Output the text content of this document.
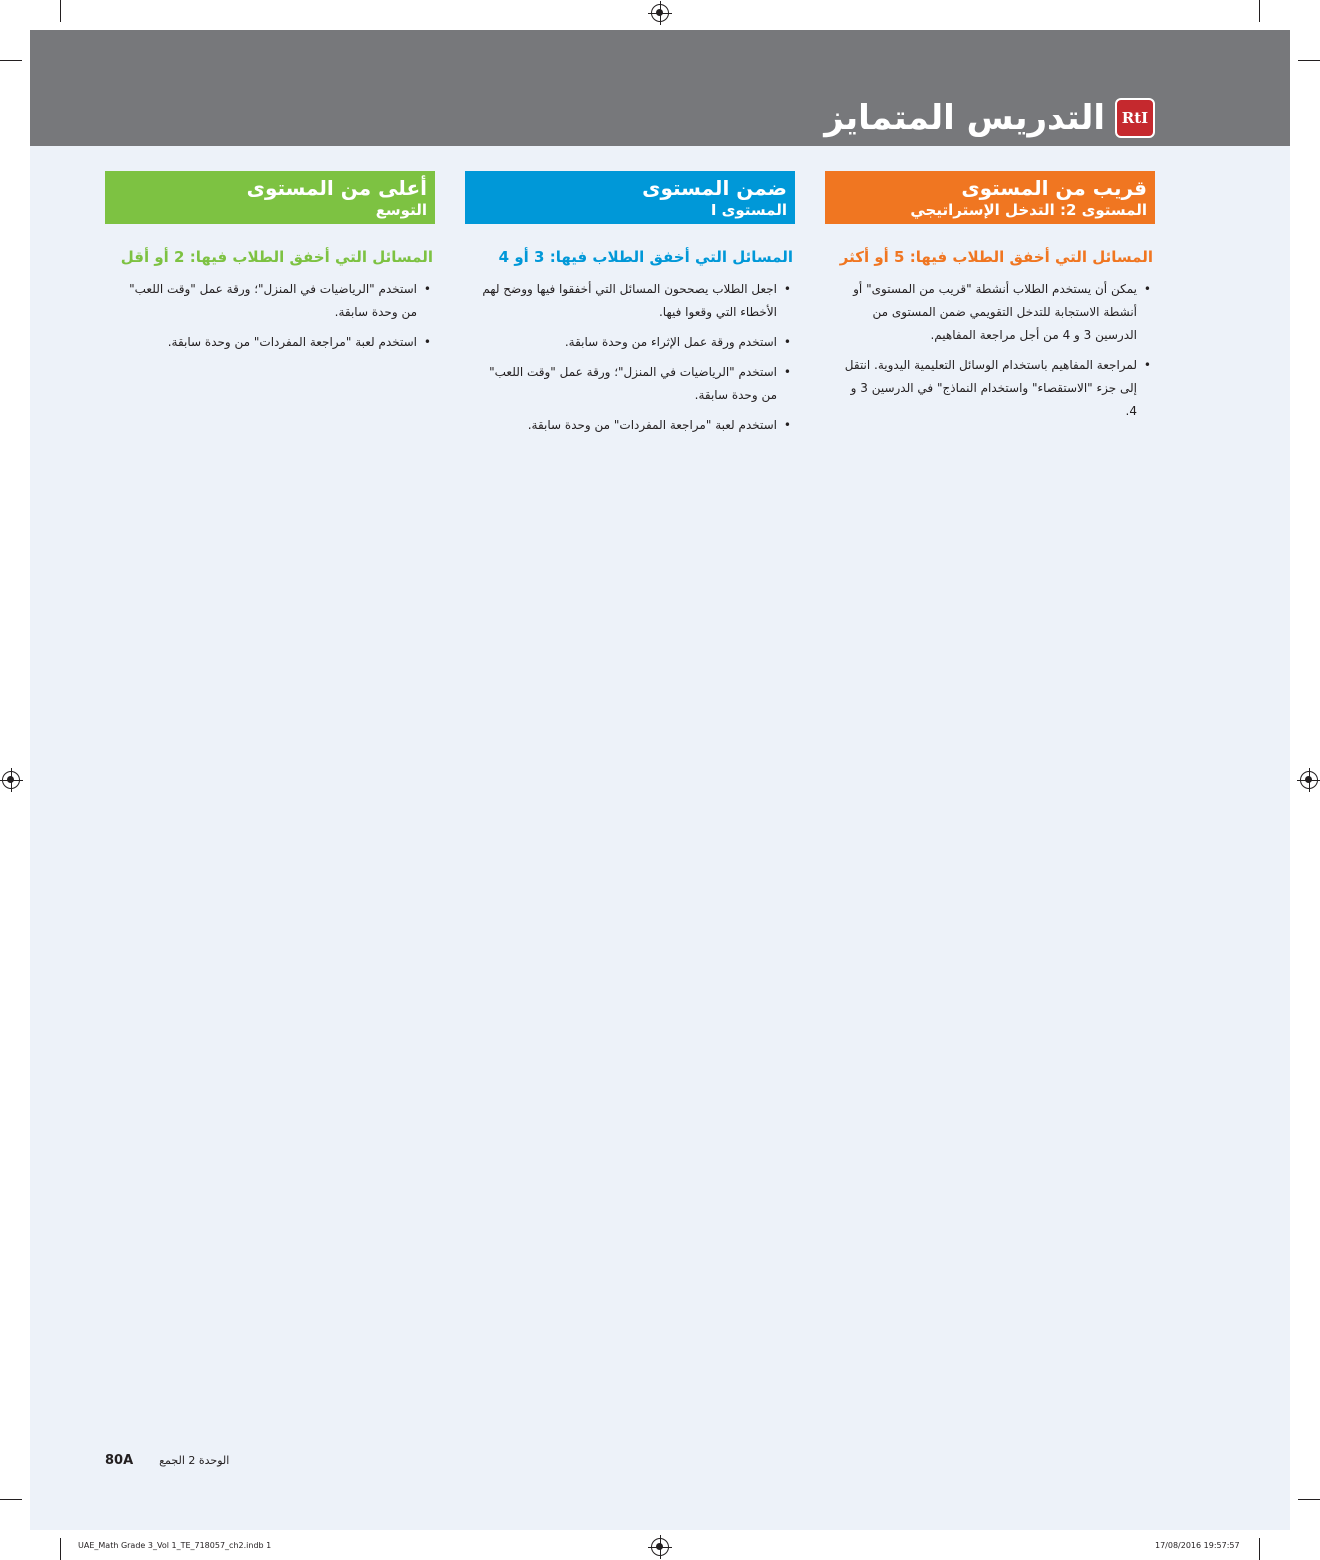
RtI
التدريس المتمايز
قريب من المستوى
المستوى 2: التدخل الإستراتيجي
المسائل التي أخفق الطلاب فيها: 5 أو أكثر
•
يمكن أن يستخدم الطلاب أنشطة "قريب من المستوى" أو أنشطة الاستجابة للتدخل التقويمي ضمن المستوى من الدرسين 3 و 4 من أجل مراجعة المفاهيم.
•
لمراجعة المفاهيم باستخدام الوسائل التعليمية اليدوية. انتقل إلى جزء "الاستقصاء" واستخدام النماذج" في الدرسين 3 و 4.
ضمن المستوى
المستوى I
المسائل التي أخفق الطلاب فيها: 3 أو 4
•
اجعل الطلاب يصححون المسائل التي أخفقوا فيها ووضح لهم الأخطاء التي وقعوا فيها.
•
استخدم ورقة عمل الإثراء من وحدة سابقة.
•
استخدم "الرياضيات في المنزل"؛ ورقة عمل "وقت اللعب" من وحدة سابقة.
•
استخدم لعبة "مراجعة المفردات" من وحدة سابقة.
أعلى من المستوى
التوسع
المسائل التي أخفق الطلاب فيها: 2 أو أقل
•
استخدم "الرياضيات في المنزل"؛ ورقة عمل "وقت اللعب" من وحدة سابقة.
•
استخدم لعبة "مراجعة المفردات" من وحدة سابقة.
80A الوحدة 2 الجمع
UAE_Math Grade 3_Vol 1_TE_718057_ch2.indb 1	17/08/2016 19:57:57
